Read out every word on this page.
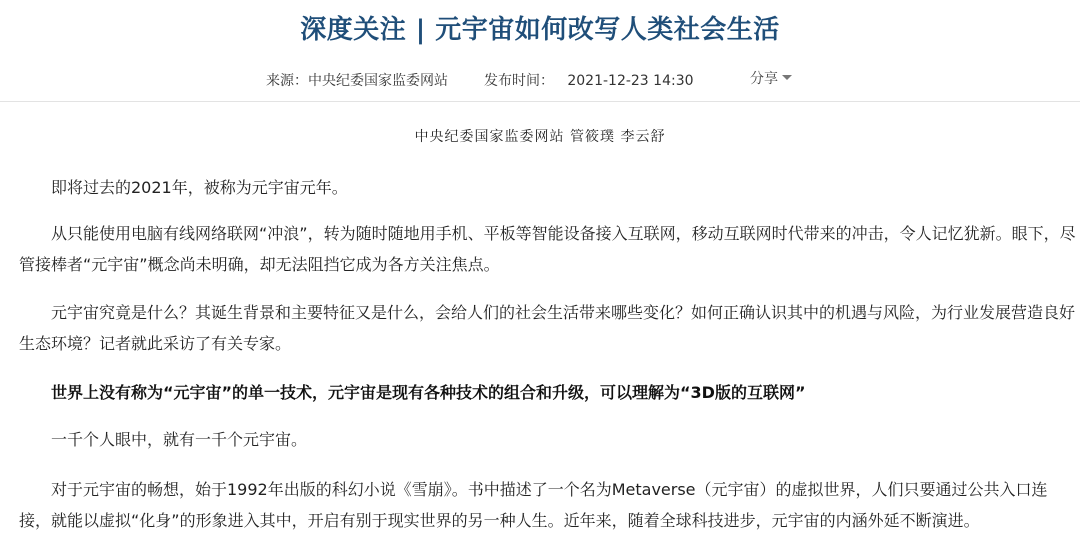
深度关注 | 元宇宙如何改写人类社会生活
来源：中央纪委国家监委网站	发布时间：   2021-12-23 14:30	分享

中央纪委国家监委网站 管筱璞 李云舒

即将过去的2021年，被称为元宇宙元年。

从只能使用电脑有线网络联网“冲浪”，转为随时随地用手机、平板等智能设备接入互联网，移动互联网时代带来的冲击，令人记忆犹新。眼下，尽管接棒者“元宇宙”概念尚未明确，却无法阻挡它成为各方关注焦点。

元宇宙究竟是什么？其诞生背景和主要特征又是什么，会给人们的社会生活带来哪些变化？如何正确认识其中的机遇与风险，为行业发展营造良好生态环境？记者就此采访了有关专家。

世界上没有称为“元宇宙”的单一技术，元宇宙是现有各种技术的组合和升级，可以理解为“3D版的互联网”

一千个人眼中，就有一千个元宇宙。

对于元宇宙的畅想，始于1992年出版的科幻小说《雪崩》。书中描述了一个名为Metaverse（元宇宙）的虚拟世界，人们只要通过公共入口连接，就能以虚拟“化身”的形象进入其中，开启有别于现实世界的另一种人生。近年来，随着全球科技进步，元宇宙的内涵外延不断演进。
